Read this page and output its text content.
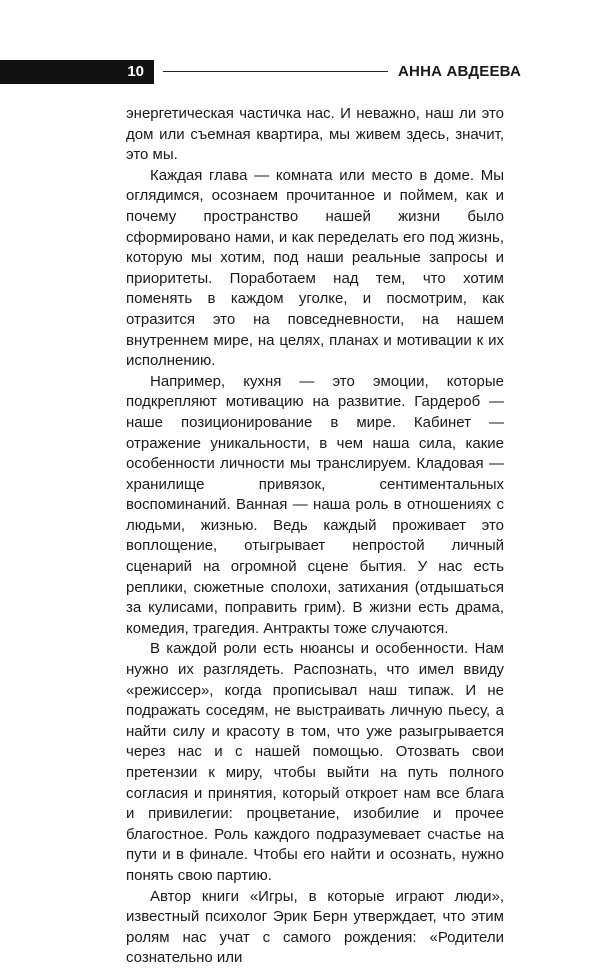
10	АННА АВДЕЕВА

энергетическая частичка нас. И неважно, наш ли это дом или съемная квартира, мы живем здесь, значит, это мы.

Каждая глава — комната или место в доме. Мы оглядимся, осознаем прочитанное и поймем, как и почему пространство нашей жизни было сформировано нами, и как переделать его под жизнь, которую мы хотим, под наши реальные запросы и приоритеты. Поработаем над тем, что хотим поменять в каждом уголке, и посмотрим, как отразится это на повседневности, на нашем внутреннем мире, на целях, планах и мотивации к их исполнению.

Например, кухня — это эмоции, которые подкрепляют мотивацию на развитие. Гардероб — наше позиционирование в мире. Кабинет — отражение уникальности, в чем наша сила, какие особенности личности мы транслируем. Кладовая — хранилище привязок, сентиментальных воспоминаний. Ванная — наша роль в отношениях с людьми, жизнью. Ведь каждый проживает это воплощение, отыгрывает непростой личный сценарий на огромной сцене бытия. У нас есть реплики, сюжетные сполохи, затихания (отдышаться за кулисами, поправить грим). В жизни есть драма, комедия, трагедия. Антракты тоже случаются.

В каждой роли есть нюансы и особенности. Нам нужно их разглядеть. Распознать, что имел ввиду «режиссер», когда прописывал наш типаж. И не подражать соседям, не выстраивать личную пьесу, а найти силу и красоту в том, что уже разыгрывается через нас и с нашей помощью. Отозвать свои претензии к миру, чтобы выйти на путь полного согласия и принятия, который откроет нам все блага и привилегии: процветание, изобилие и прочее благостное. Роль каждого подразумевает счастье на пути и в финале. Чтобы его найти и осознать, нужно понять свою партию.

Автор книги «Игры, в которые играют люди», известный психолог Эрик Берн утверждает, что этим ролям нас учат с самого рождения: «Родители сознательно или
